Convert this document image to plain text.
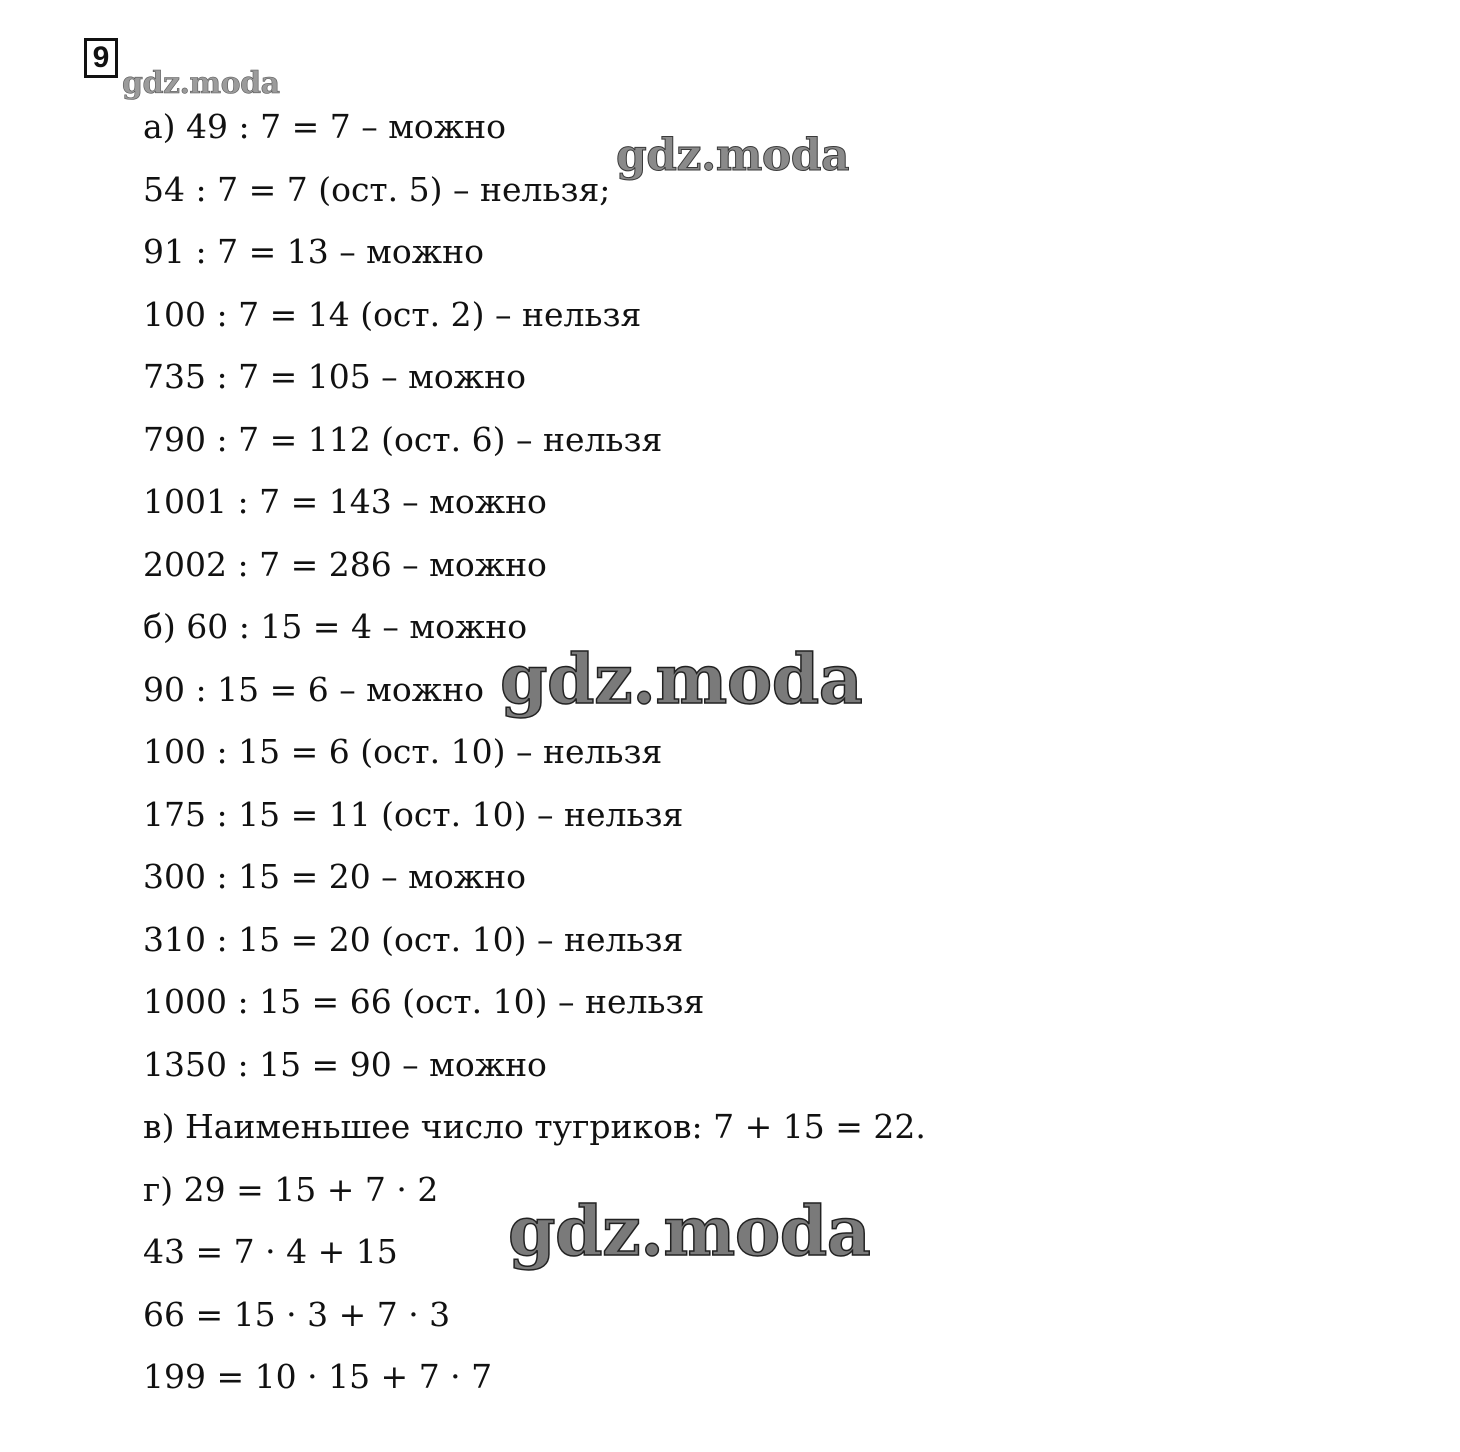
9
а) 49 : 7 = 7 – можно
54 : 7 = 7 (ост. 5) – нельзя;
91 : 7 = 13 – можно
100 : 7 = 14 (ост. 2) – нельзя
735 : 7 = 105 – можно
790 : 7 = 112 (ост. 6) – нельзя
1001 : 7 = 143 – можно
2002 : 7 = 286 – можно
б) 60 : 15 = 4 – можно
90 : 15 = 6 – можно
100 : 15 = 6 (ост. 10) – нельзя
175 : 15 = 11 (ост. 10) – нельзя
300 : 15 = 20 – можно
310 : 15 = 20 (ост. 10) – нельзя
1000 : 15 = 66 (ост. 10) – нельзя
1350 : 15 = 90 – можно
в) Наименьшее число тугриков: 7 + 15 = 22.
г) 29 = 15 + 7 · 2
43 = 7 · 4 + 15
66 = 15 · 3 + 7 · 3
199 = 10 · 15 + 7 · 7
gdz.moda
gdz.moda
gdz.moda
gdz.moda
